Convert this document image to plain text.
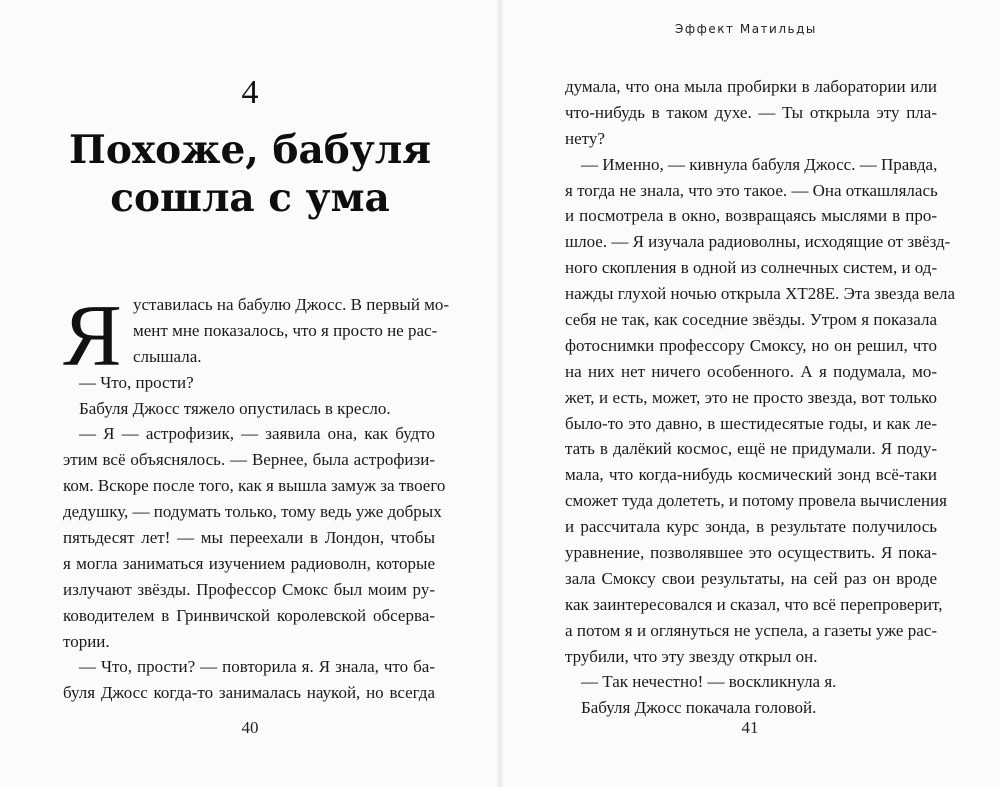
4
Похоже, бабуля
сошла с ума
Я уставилась на бабулю Джосс. В первый мо-
мент мне показалось, что я просто не рас-
слышала.
— Что, прости?
Бабуля Джосс тяжело опустилась в кресло.
— Я — астрофизик, — заявила она, как будто
этим всё объяснялось. — Вернее, была астрофизи-
ком. Вскоре после того, как я вышла замуж за твоего
дедушку, — подумать только, тому ведь уже добрых
пятьдесят лет! — мы переехали в Лондон, чтобы
я могла заниматься изучением радиоволн, которые
излучают звёзды. Профессор Смокс был моим ру-
ководителем в Гринвичской королевской обсерва-
тории.
— Что, прости? — повторила я. Я знала, что ба-
буля Джосс когда-то занималась наукой, но всегда
40
Эффект Матильды
думала, что она мыла пробирки в лаборатории или
что-нибудь в таком духе. — Ты открыла эту пла-
нету?
— Именно, — кивнула бабуля Джосс. — Правда,
я тогда не знала, что это такое. — Она откашлялась
и посмотрела в окно, возвращаясь мыслями в про-
шлое. — Я изучала радиоволны, исходящие от звёзд-
ного скопления в одной из солнечных систем, и од-
нажды глухой ночью открыла ХТ28Е. Эта звезда вела
себя не так, как соседние звёзды. Утром я показала
фотоснимки профессору Смоксу, но он решил, что
на них нет ничего особенного. А я подумала, мо-
жет, и есть, может, это не просто звезда, вот только
было-то это давно, в шестидесятые годы, и как ле-
тать в далёкий космос, ещё не придумали. Я поду-
мала, что когда-нибудь космический зонд всё-таки
сможет туда долететь, и потому провела вычисления
и рассчитала курс зонда, в результате получилось
уравнение, позволявшее это осуществить. Я пока-
зала Смоксу свои результаты, на сей раз он вроде
как заинтересовался и сказал, что всё перепроверит,
а потом я и оглянуться не успела, а газеты уже рас-
трубили, что эту звезду открыл он.
— Так нечестно! — воскликнула я.
Бабуля Джосс покачала головой.
41
